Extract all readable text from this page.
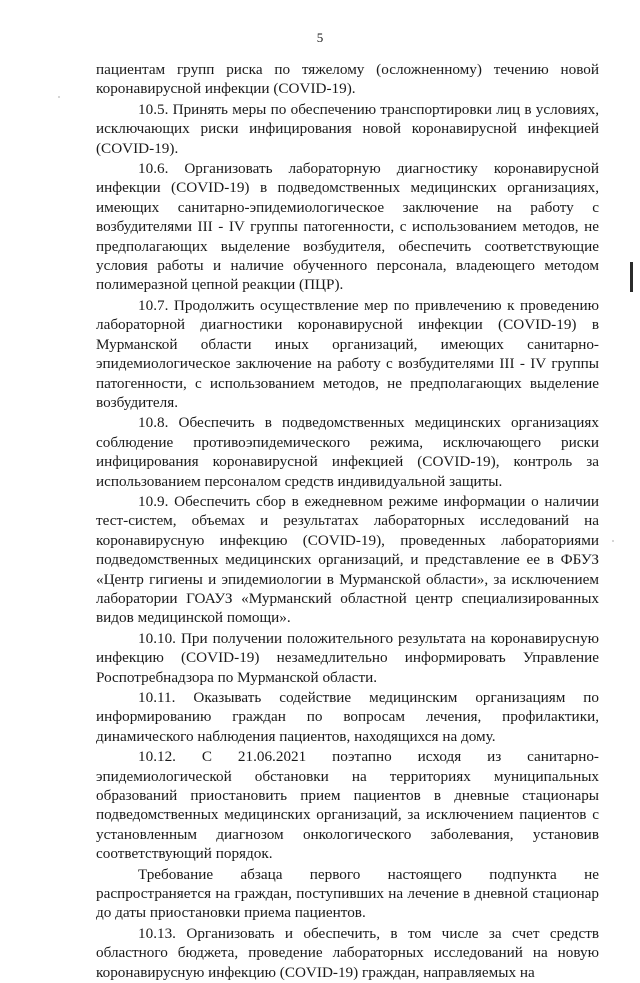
5

пациентам групп риска по тяжелому (осложненному) течению новой коронавирусной инфекции (COVID-19).

10.5. Принять меры по обеспечению транспортировки лиц в условиях, исключающих риски инфицирования новой коронавирусной инфекцией (COVID-19).

10.6. Организовать лабораторную диагностику коронавирусной инфекции (COVID-19) в подведомственных медицинских организациях, имеющих санитарно-эпидемиологическое заключение на работу с возбудителями III - IV группы патогенности, с использованием методов, не предполагающих выделение возбудителя, обеспечить соответствующие условия работы и наличие обученного персонала, владеющего методом полимеразной цепной реакции (ПЦР).

10.7. Продолжить осуществление мер по привлечению к проведению лабораторной диагностики коронавирусной инфекции (COVID-19) в Мурманской области иных организаций, имеющих санитарно-эпидемиологическое заключение на работу с возбудителями III - IV группы патогенности, с использованием методов, не предполагающих выделение возбудителя.

10.8. Обеспечить в подведомственных медицинских организациях соблюдение противоэпидемического режима, исключающего риски инфицирования коронавирусной инфекцией (COVID-19), контроль за использованием персоналом средств индивидуальной защиты.

10.9. Обеспечить сбор в ежедневном режиме информации о наличии тест-систем, объемах и результатах лабораторных исследований на коронавирусную инфекцию (COVID-19), проведенных лабораториями подведомственных медицинских организаций, и представление ее в ФБУЗ «Центр гигиены и эпидемиологии в Мурманской области», за исключением лаборатории ГОАУЗ «Мурманский областной центр специализированных видов медицинской помощи».

10.10. При получении положительного результата на коронавирусную инфекцию (COVID-19) незамедлительно информировать Управление Роспотребнадзора по Мурманской области.

10.11. Оказывать содействие медицинским организациям по информированию граждан по вопросам лечения, профилактики, динамического наблюдения пациентов, находящихся на дому.

10.12. С 21.06.2021 поэтапно исходя из санитарно-эпидемиологической обстановки на территориях муниципальных образований приостановить прием пациентов в дневные стационары подведомственных медицинских организаций, за исключением пациентов с установленным диагнозом онкологического заболевания, установив соответствующий порядок.

Требование абзаца первого настоящего подпункта не распространяется на граждан, поступивших на лечение в дневной стационар до даты приостановки приема пациентов.

10.13. Организовать и обеспечить, в том числе за счет средств областного бюджета, проведение лабораторных исследований на новую коронавирусную инфекцию (COVID-19) граждан, направляемых на
